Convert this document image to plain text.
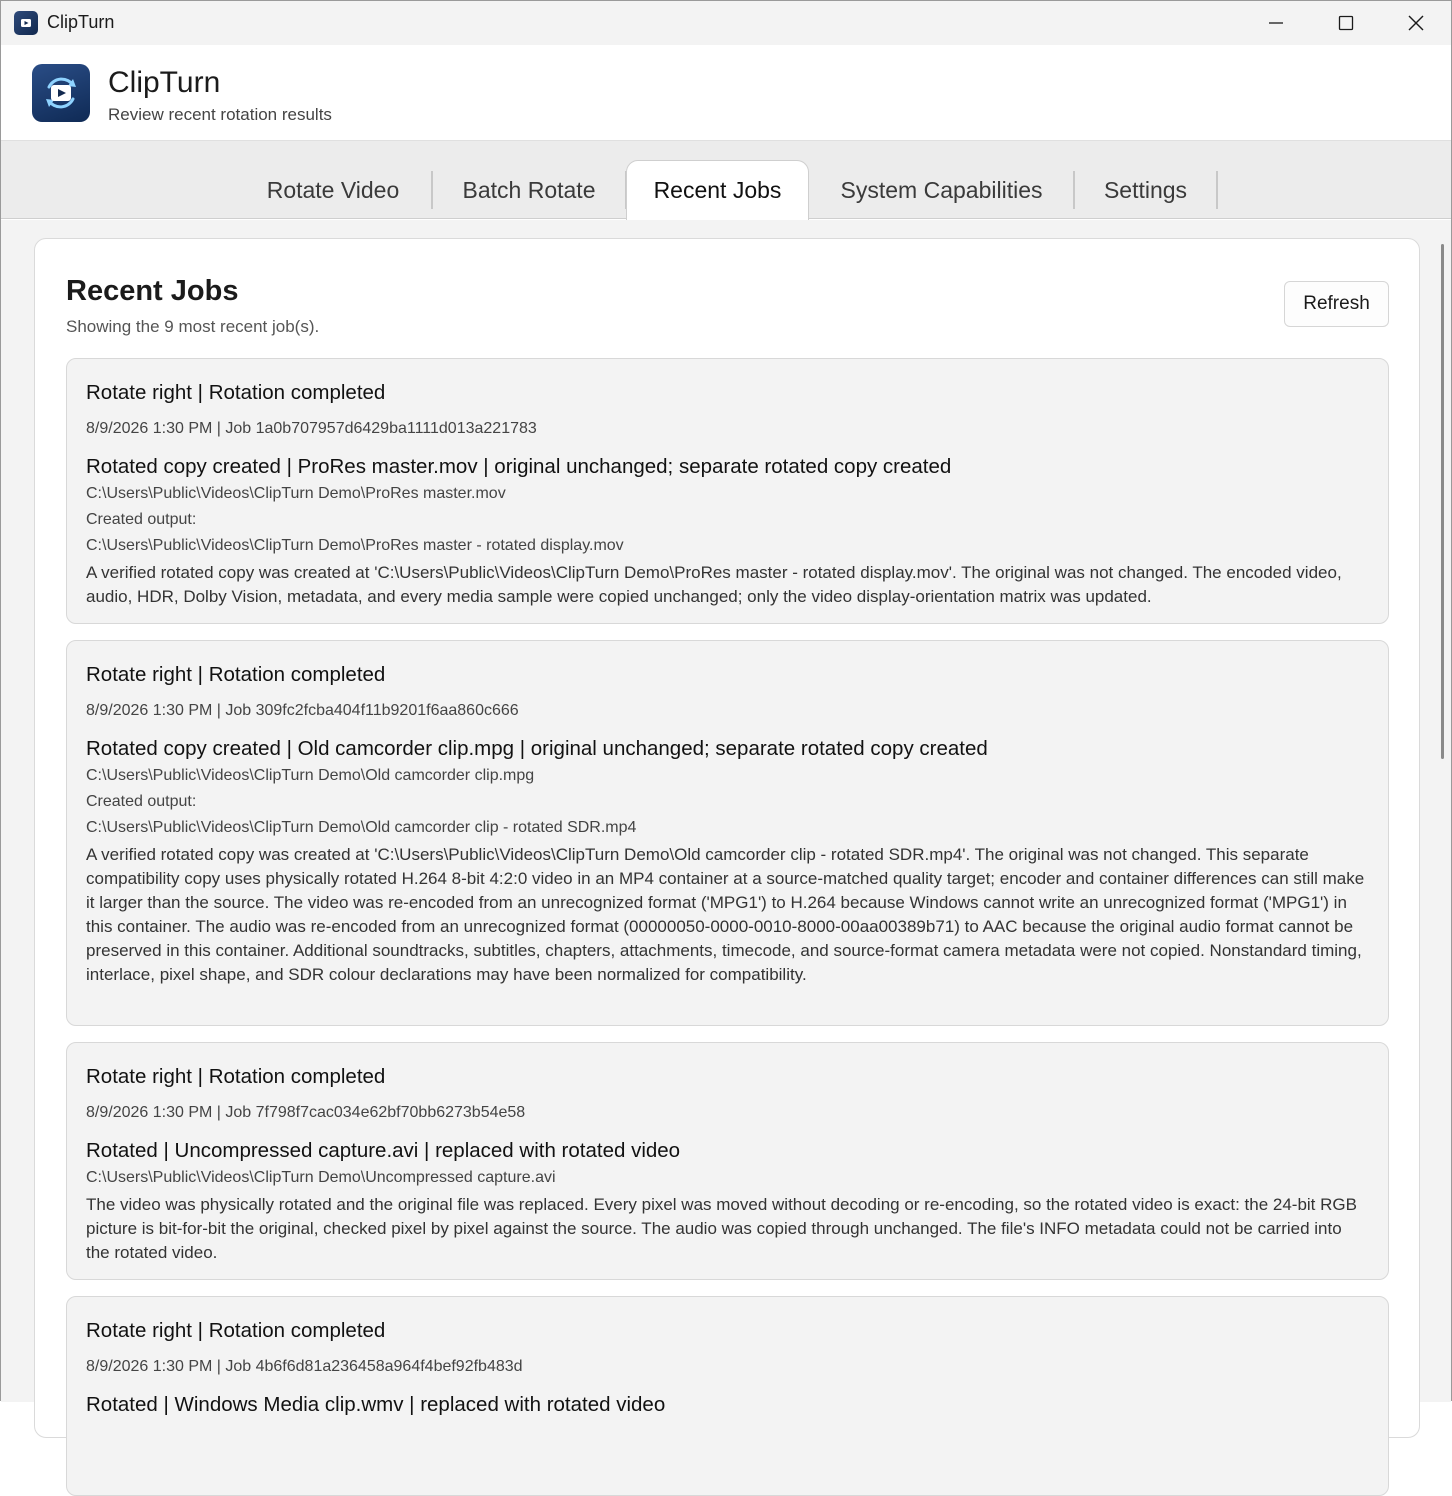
ClipTurn
ClipTurn
Review recent rotation results
Rotate Video	Batch Rotate	Recent Jobs	System Capabilities	Settings
Recent Jobs
Showing the 9 most recent job(s).
Refresh
Rotate right | Rotation completed
8/9/2026 1:30 PM | Job 1a0b707957d6429ba1111d013a221783
Rotated copy created | ProRes master.mov | original unchanged; separate rotated copy created
C:\Users\Public\Videos\ClipTurn Demo\ProRes master.mov
Created output:
C:\Users\Public\Videos\ClipTurn Demo\ProRes master - rotated display.mov
A verified rotated copy was created at 'C:\Users\Public\Videos\ClipTurn Demo\ProRes master - rotated display.mov'. The original was not changed. The encoded video, audio, HDR, Dolby Vision, metadata, and every media sample were copied unchanged; only the video display-orientation matrix was updated.
Rotate right | Rotation completed
8/9/2026 1:30 PM | Job 309fc2fcba404f11b9201f6aa860c666
Rotated copy created | Old camcorder clip.mpg | original unchanged; separate rotated copy created
C:\Users\Public\Videos\ClipTurn Demo\Old camcorder clip.mpg
Created output:
C:\Users\Public\Videos\ClipTurn Demo\Old camcorder clip - rotated SDR.mp4
A verified rotated copy was created at 'C:\Users\Public\Videos\ClipTurn Demo\Old camcorder clip - rotated SDR.mp4'. The original was not changed. This separate compatibility copy uses physically rotated H.264 8-bit 4:2:0 video in an MP4 container at a source-matched quality target; encoder and container differences can still make it larger than the source. The video was re-encoded from an unrecognized format ('MPG1') to H.264 because Windows cannot write an unrecognized format ('MPG1') in this container. The audio was re-encoded from an unrecognized format (00000050-0000-0010-8000-00aa00389b71) to AAC because the original audio format cannot be preserved in this container. Additional soundtracks, subtitles, chapters, attachments, timecode, and source-format camera metadata were not copied. Nonstandard timing, interlace, pixel shape, and SDR colour declarations may have been normalized for compatibility.
Rotate right | Rotation completed
8/9/2026 1:30 PM | Job 7f798f7cac034e62bf70bb6273b54e58
Rotated | Uncompressed capture.avi | replaced with rotated video
C:\Users\Public\Videos\ClipTurn Demo\Uncompressed capture.avi
The video was physically rotated and the original file was replaced. Every pixel was moved without decoding or re-encoding, so the rotated video is exact: the 24-bit RGB picture is bit-for-bit the original, checked pixel by pixel against the source. The audio was copied through unchanged. The file's INFO metadata could not be carried into the rotated video.
Rotate right | Rotation completed
8/9/2026 1:30 PM | Job 4b6f6d81a236458a964f4bef92fb483d
Rotated | Windows Media clip.wmv | replaced with rotated video
